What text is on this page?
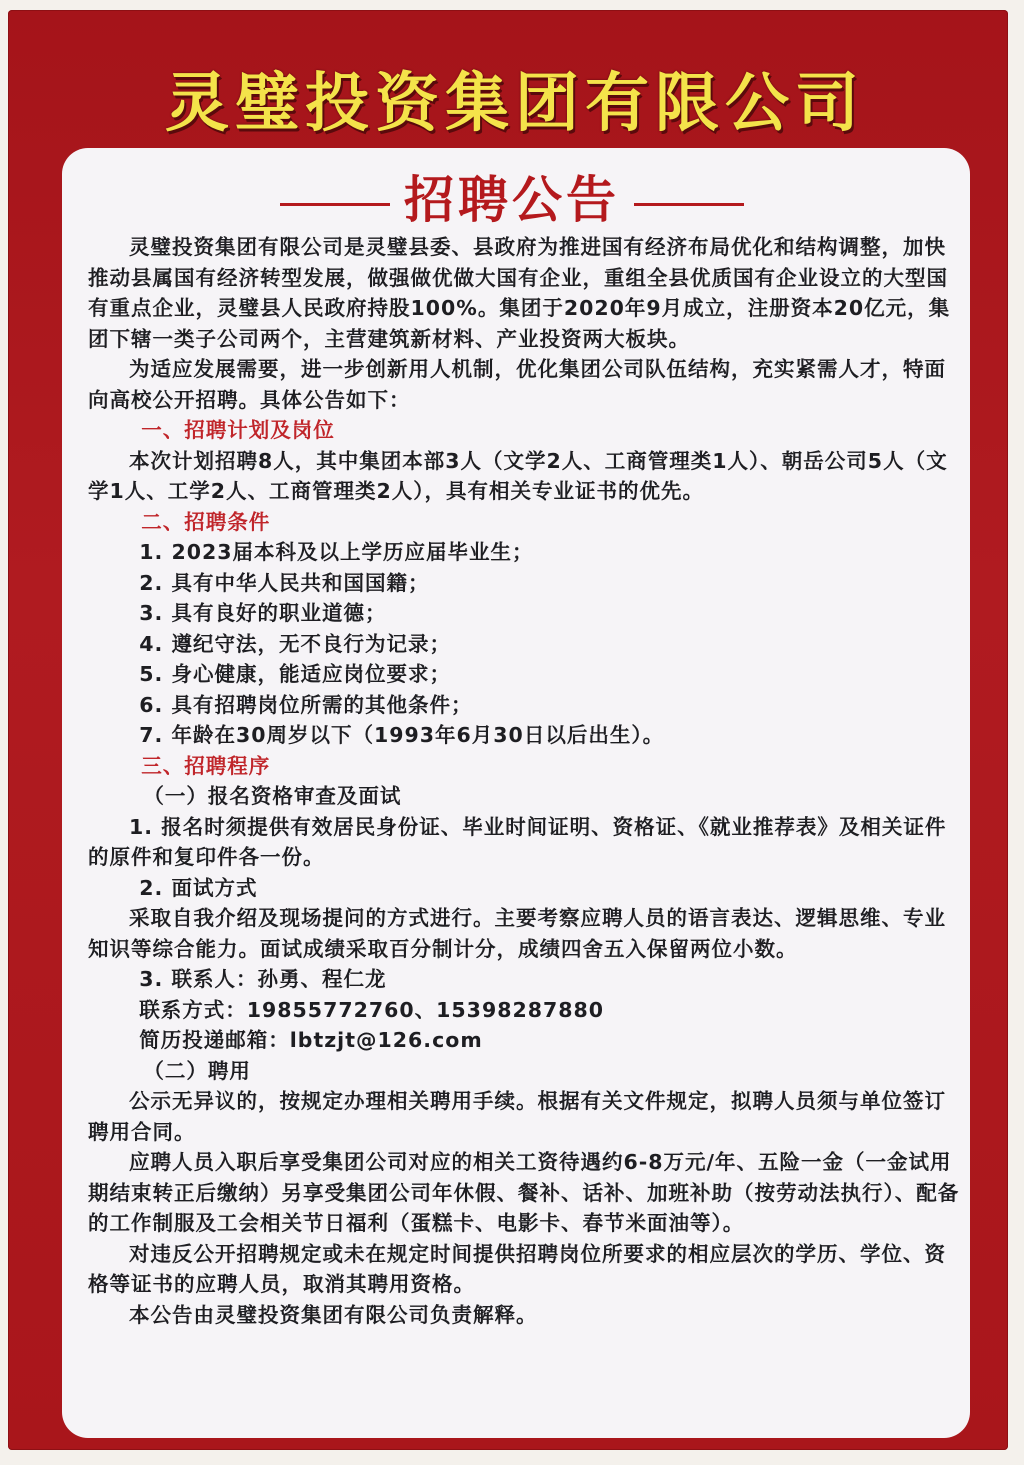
灵璧投资集团有限公司
招聘公告

灵璧投资集团有限公司是灵璧县委、县政府为推进国有经济布局优化和结构调整，加快推动县属国有经济转型发展，做强做优做大国有企业，重组全县优质国有企业设立的大型国有重点企业，灵璧县人民政府持股100%。集团于2020年9月成立，注册资本20亿元，集团下辖一类子公司两个，主营建筑新材料、产业投资两大板块。

为适应发展需要，进一步创新用人机制，优化集团公司队伍结构，充实紧需人才，特面向高校公开招聘。具体公告如下：

一、招聘计划及岗位

本次计划招聘8人，其中集团本部3人（文学2人、工商管理类1人）、朝岳公司5人（文学1人、工学2人、工商管理类2人），具有相关专业证书的优先。

二、招聘条件

1. 2023届本科及以上学历应届毕业生；

2. 具有中华人民共和国国籍；

3. 具有良好的职业道德；

4. 遵纪守法，无不良行为记录；

5. 身心健康，能适应岗位要求；

6. 具有招聘岗位所需的其他条件；

7. 年龄在30周岁以下（1993年6月30日以后出生）。

三、招聘程序

（一）报名资格审查及面试

1. 报名时须提供有效居民身份证、毕业时间证明、资格证、《就业推荐表》及相关证件的原件和复印件各一份。

2. 面试方式

采取自我介绍及现场提问的方式进行。主要考察应聘人员的语言表达、逻辑思维、专业知识等综合能力。面试成绩采取百分制计分，成绩四舍五入保留两位小数。

3. 联系人：孙勇、程仁龙

联系方式：19855772760、15398287880

简历投递邮箱：lbtzjt@126.com

（二）聘用

公示无异议的，按规定办理相关聘用手续。根据有关文件规定，拟聘人员须与单位签订聘用合同。

应聘人员入职后享受集团公司对应的相关工资待遇约6-8万元/年、五险一金（一金试用期结束转正后缴纳）另享受集团公司年休假、餐补、话补、加班补助（按劳动法执行）、配备的工作制服及工会相关节日福利（蛋糕卡、电影卡、春节米面油等）。

对违反公开招聘规定或未在规定时间提供招聘岗位所要求的相应层次的学历、学位、资格等证书的应聘人员，取消其聘用资格。

本公告由灵璧投资集团有限公司负责解释。
